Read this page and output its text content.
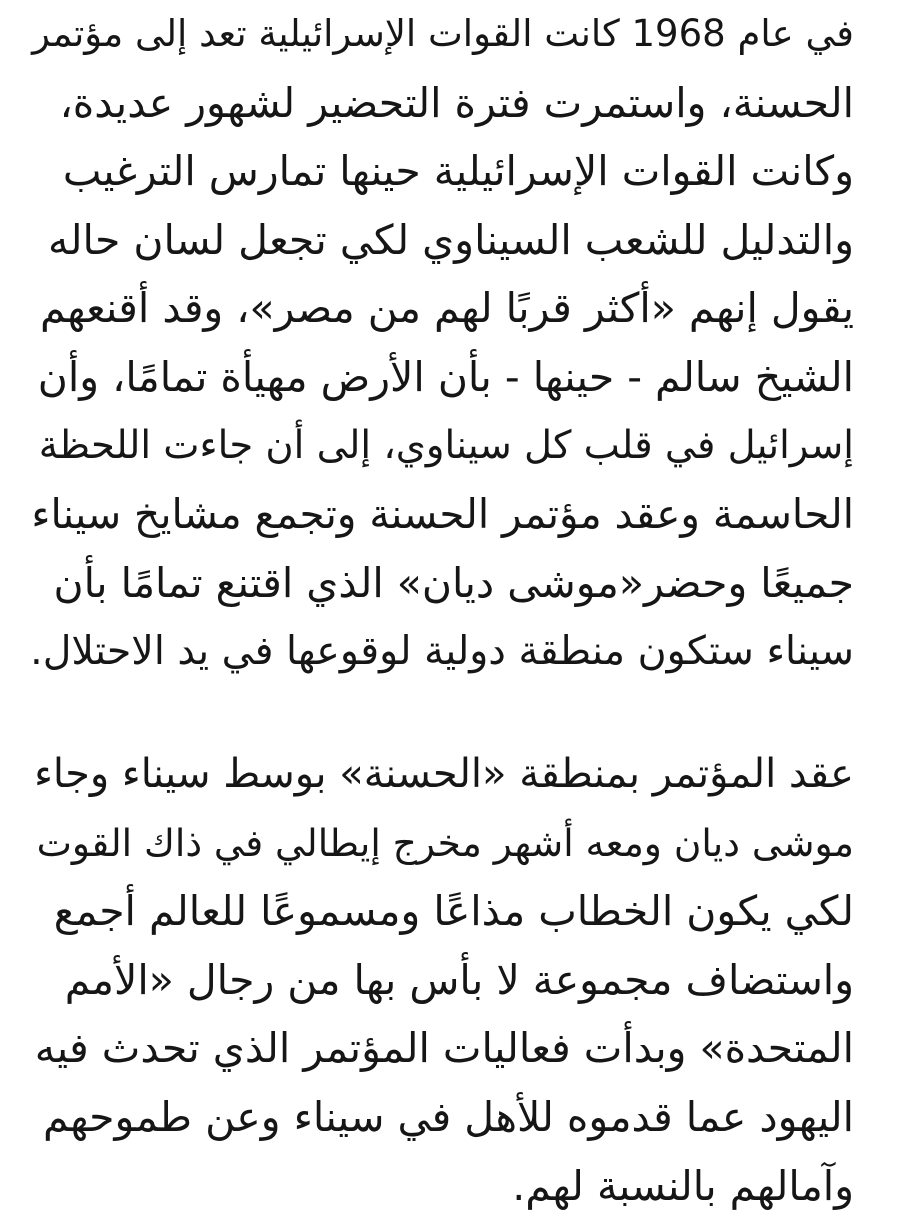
في عام 1968 كانت القوات الإسرائيلية تعد إلى مؤتمر
الحسنة، واستمرت فترة التحضير لشهور عديدة،
وكانت القوات الإسرائيلية حينها تمارس الترغيب
والتدليل للشعب السيناوي لكي تجعل لسان حاله
يقول إنهم «أكثر قربًا لهم من مصر»، وقد أقنعهم
الشيخ سالم - حينها - بأن الأرض مهيأة تمامًا، وأن
إسرائيل في قلب كل سيناوي، إلى أن جاءت اللحظة
الحاسمة وعقد مؤتمر الحسنة وتجمع مشايخ سيناء
جميعًا وحضر«موشى ديان» الذي اقتنع تمامًا بأن
سيناء ستكون منطقة دولية لوقوعها في يد الاحتلال.
عقد المؤتمر بمنطقة «الحسنة» بوسط سيناء وجاء
موشى ديان ومعه أشهر مخرج إيطالي في ذاك القوت
لكي يكون الخطاب مذاعًا ومسموعًا للعالم أجمع
واستضاف مجموعة لا بأس بها من رجال «الأمم
المتحدة» وبدأت فعاليات المؤتمر الذي تحدث فيه
اليهود عما قدموه للأهل في سيناء وعن طموحهم
وآمالهم بالنسبة لهم.
